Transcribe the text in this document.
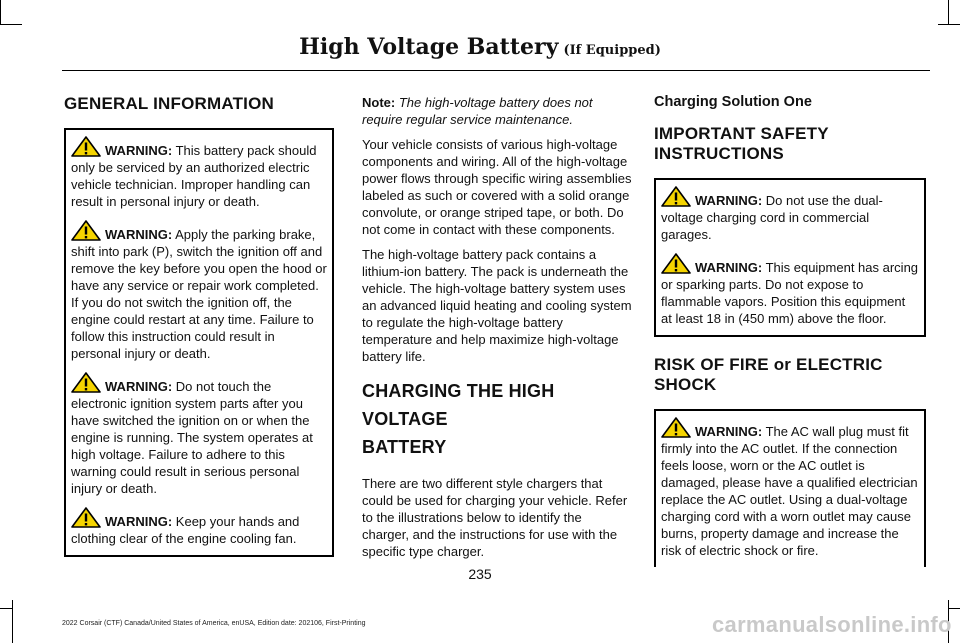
High Voltage Battery (If Equipped)
GENERAL INFORMATION

WARNING: This battery pack should only be serviced by an authorized electric vehicle technician. Improper handling can result in personal injury or death.

WARNING: Apply the parking brake, shift into park (P), switch the ignition off and remove the key before you open the hood or have any service or repair work completed. If you do not switch the ignition off, the engine could restart at any time. Failure to follow this instruction could result in personal injury or death.

WARNING: Do not touch the electronic ignition system parts after you have switched the ignition on or when the engine is running. The system operates at high voltage. Failure to adhere to this warning could result in serious personal injury or death.

WARNING: Keep your hands and clothing clear of the engine cooling fan.

Note: The high-voltage battery does not require regular service maintenance.

Your vehicle consists of various high-voltage components and wiring. All of the high-voltage power flows through specific wiring assemblies labeled as such or covered with a solid orange convolute, or orange striped tape, or both. Do not come in contact with these components.

The high-voltage battery pack contains a lithium-ion battery. The pack is underneath the vehicle. The high-voltage battery system uses an advanced liquid heating and cooling system to regulate the high-voltage battery temperature and help maximize high-voltage battery life.

CHARGING THE HIGH VOLTAGE
BATTERY

There are two different style chargers that could be used for charging your vehicle. Refer to the illustrations below to identify the charger, and the instructions for use with the specific type charger.

Charging Solution One
IMPORTANT SAFETY INSTRUCTIONS

WARNING: Do not use the dual-voltage charging cord in commercial garages.

WARNING: This equipment has arcing or sparking parts. Do not expose to flammable vapors. Position this equipment at least 18 in (450 mm) above the floor.

RISK OF FIRE or ELECTRIC SHOCK

WARNING: The AC wall plug must fit firmly into the AC outlet. If the connection feels loose, worn or the AC outlet is damaged, please have a qualified electrician replace the AC outlet. Using a dual-voltage charging cord with a worn outlet may cause burns, property damage and increase the risk of electric shock or fire.

235
2022 Corsair (CTF) Canada/United States of America, enUSA, Edition date: 202106, First-Printing	carmanualsonline.info
